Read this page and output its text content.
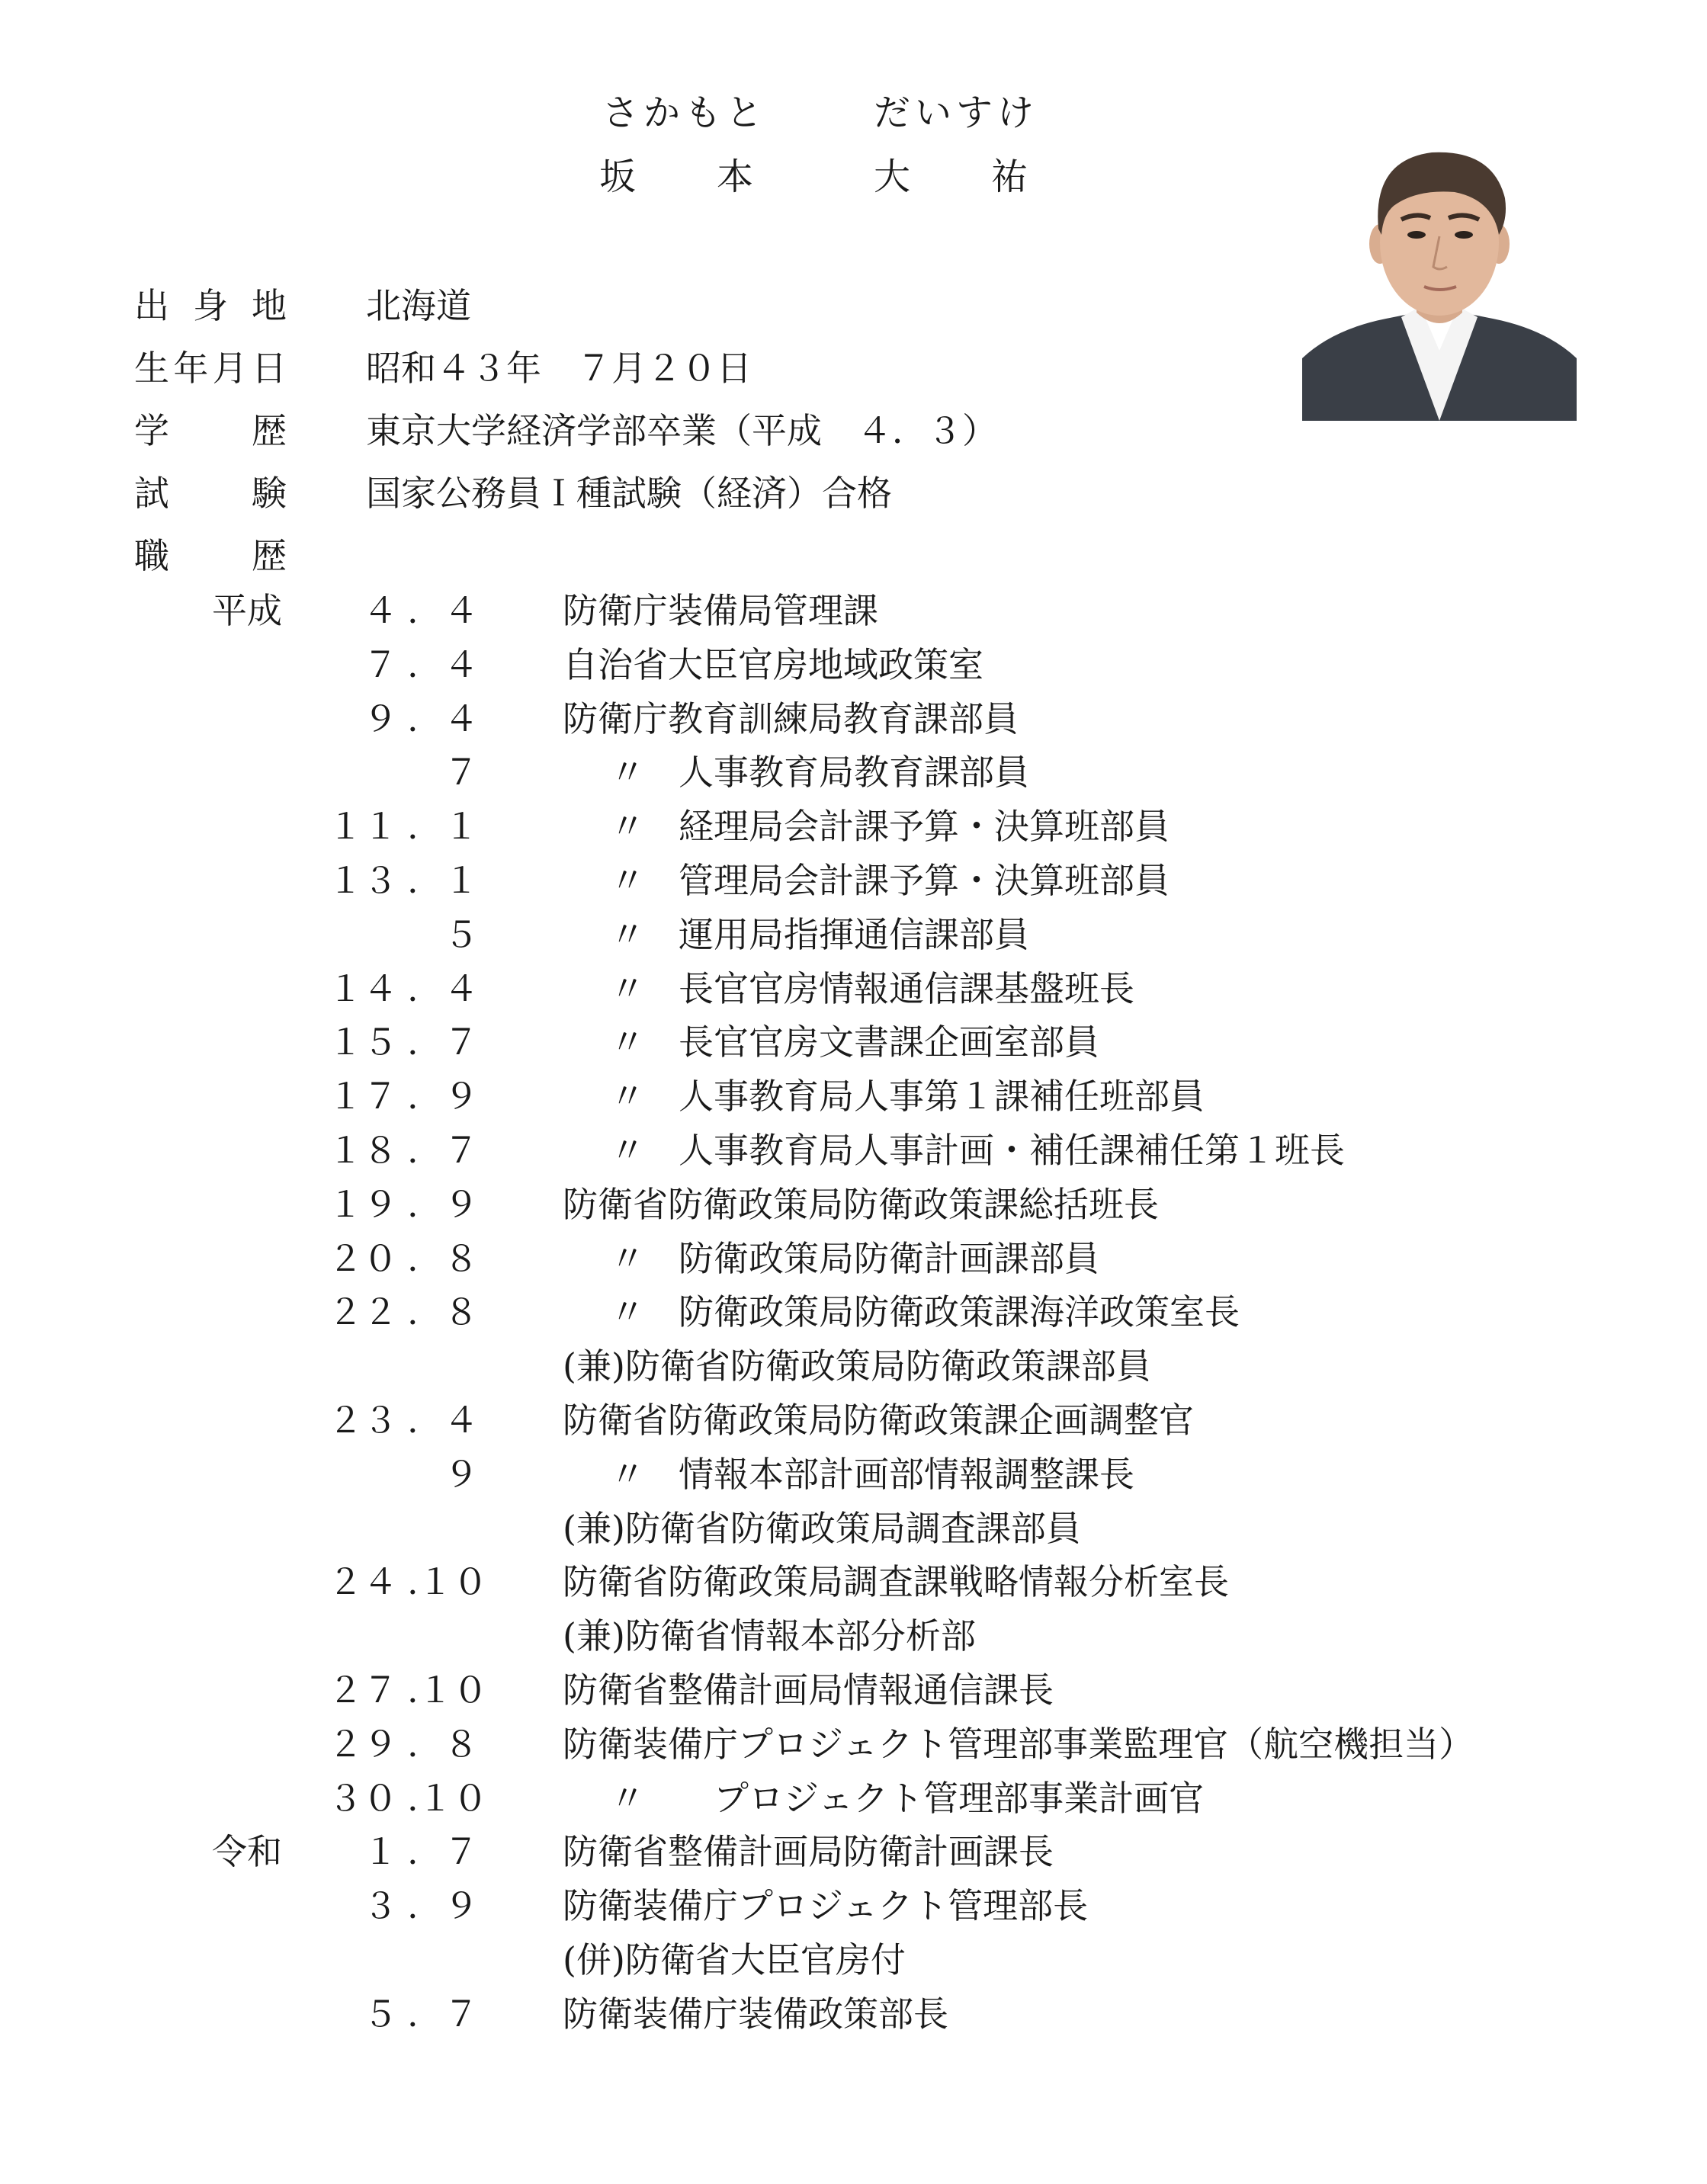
さかもと	だいすけ
坂 本	大 祐
出 身 地 北海道
生 年 月 日 昭和４３年　７月２０日
学 歴 東京大学経済学部卒業（平成　４．３）
試 験 国家公務員Ｉ種試験（経済）合格
職 歴
平成	４ . ４ 防衛庁装備局管理課
７ . ４ 自治省大臣官房地域政策室
９ . ４ 防衛庁教育訓練局教育課部員
７	〃 人事教育局教育課部員
１１ . １	〃 経理局会計課予算・決算班部員
１３ . １	〃 管理局会計課予算・決算班部員
５	〃 運用局指揮通信課部員
１４ . ４	〃 長官官房情報通信課基盤班長
１５ . ７	〃 長官官房文書課企画室部員
１７ . ９	〃 人事教育局人事第１課補任班部員
１８ . ７	〃 人事教育局人事計画・補任課補任第１班長
１９ . ９ 防衛省防衛政策局防衛政策課総括班長
２０ . ８	〃 防衛政策局防衛計画課部員
２２ . ８	〃 防衛政策局防衛政策課海洋政策室長
(兼)防衛省防衛政策局防衛政策課部員
２３ . ４ 防衛省防衛政策局防衛政策課企画調整官
９	〃 情報本部計画部情報調整課長
(兼)防衛省防衛政策局調査課部員
２４ . １０ 防衛省防衛政策局調査課戦略情報分析室長
(兼)防衛省情報本部分析部
２７ . １０ 防衛省整備計画局情報通信課長
２９ . ８ 防衛装備庁プロジェクト管理部事業監理官（航空機担当）
３０ . １０	〃 　プロジェクト管理部事業計画官
令和	１ . ７ 防衛省整備計画局防衛計画課長
３ . ９ 防衛装備庁プロジェクト管理部長
(併)防衛省大臣官房付
５ . ７ 防衛装備庁装備政策部長
